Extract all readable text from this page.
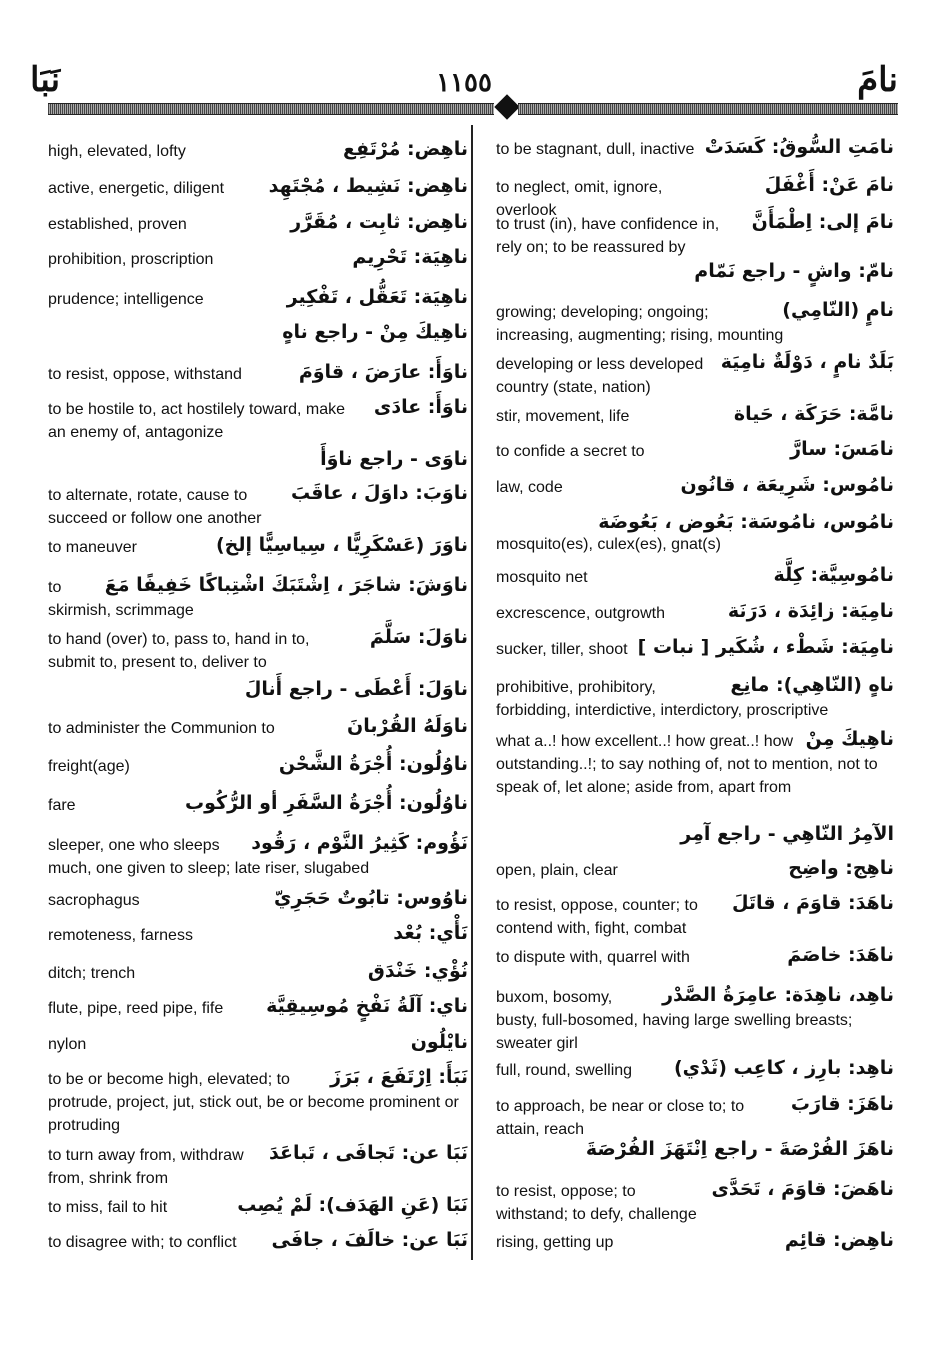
نَبَا	١١٥٥	نامَ
ناهِض: مُرْتَفِع
high, elevated, lofty
ناهِض: نَشِيط ، مُجْتَهِد
active, energetic, diligent
ناهِض: ثابِت ، مُقَرَّر
established, proven
ناهِيَة: تَحْرِيم
prohibition, proscription
ناهِيَة: تَعَقُّل ، تَفْكِير
prudence; intelligence
ناهِيكَ مِنْ - راجع ناهٍ
ناوَأَ: عارَضَ ، قاوَمَ
to resist, oppose, withstand
ناوَأَ: عادَى
to be hostile to, act hostilely toward, make an enemy of, antagonize
ناوَى - راجع ناوَأَ
ناوَبَ: داوَلَ ، عاقَبَ
to alternate, rotate, cause to succeed or follow one another
ناوَرَ (عَسْكَرِيًّا ، سِياسِيًّا إلخ)
to maneuver
ناوَشَ: شاجَرَ ، اِشْتَبَكَ اشْتِباكًا خَفِيفًا مَعَ
to skirmish, scrimmage
ناوَلَ: سَلَّمَ
to hand (over) to, pass to, hand in to, submit to, present to, deliver to
ناوَلَ: أَعْطَى - راجع أَنالَ
ناوَلَهُ القُرْبانَ
to administer the Communion to
ناوُلُون: أُجْرَةُ الشَّحْن
freight(age)
ناوُلُون: أُجْرَةُ السَّفَرِ أو الرُّكُوب
fare
نَؤُوم: كَثِيرُ النَّوْم ، رَقُود
sleeper, one who sleeps much, one given to sleep; late riser, slugabed
ناوُوس: تابُوتٌ حَجَرِيّ
sacrophagus
نَأْي: بُعْد
remoteness, farness
نُؤْي: خَنْدَق
ditch; trench
ناي: آلَةُ نَفْخٍ مُوسِيقِيَّة
flute, pipe, reed pipe, fife
نايْلُون
nylon
نَبَأَ: اِرْتَفَعَ ، بَرَزَ
to be or become high, elevated; to protrude, project, jut, stick out, be or become prominent or protruding
نَبَا عن: تَجافَى ، تَباعَدَ
to turn away from, withdraw from, shrink from
نَبَا (عَنِ الهَدَف): لَمْ يُصِب
to miss, fail to hit
نَبَا عن: خالَفَ ، جافَى
to disagree with; to conflict
نامَتِ السُّوقُ: كَسَدَتْ
to be stagnant, dull, inactive
نامَ عَنْ: أَغْفَلَ
to neglect, omit, ignore, overlook
نامَ إلى: اِطْمَأَنَّ
to trust (in), have confidence in, rely on; to be reassured by
نامّ: واشٍ - راجع نَمّام
نامٍ (النّامِي)
growing; developing; ongoing; increasing, augmenting; rising, mounting
بَلَدٌ نامٍ ، دَوْلَةٌ نامِيَة
developing or less developed country (state, nation)
نامَّة: حَرَكَة ، حَياة
stir, movement, life
نامَسَ: سارَّ
to confide a secret to
نامُوس: شَرِيعَة ، قانُون
law, code
نامُوس، نامُوسَة: بَعُوض ، بَعُوضَة
mosquito(es), culex(es), gnat(s)
نامُوسِيَّة: كِلَّة
mosquito net
نامِيَة: زائِدَة ، دَرَنَة
excrescence, outgrowth
نامِيَة: شَطْء ، شُكَير [ نبات ]
sucker, tiller, shoot
ناهٍ (النّاهِي): مانِع
prohibitive, prohibitory, forbidding, interdictive, interdictory, proscriptive
ناهِيكَ مِنْ
what a..! how excellent..! how great..! how outstanding..!; to say nothing of, not to mention, not to speak of, let alone; aside from, apart from
الآمِرُ النّاهِي - راجع آمِر
ناهِج: واضِح
open, plain, clear
ناهَدَ: قاوَمَ ، قاتَلَ
to resist, oppose, counter; to contend with, fight, combat
ناهَدَ: خاصَمَ
to dispute with, quarrel with
ناهِد، ناهِدَة: عامِرَةُ الصَّدْر
buxom, bosomy, busty, full-bosomed, having large swelling breasts; sweater girl
ناهِد: بارِز ، كاعِب (ثَدْي)
full, round, swelling
ناهَزَ: قارَبَ
to approach, be near or close to; to attain, reach
ناهَزَ الفُرْصَةَ - راجع اِنْتَهَزَ الفُرْصَةَ
ناهَضَ: قاوَمَ ، تَحَدَّى
to resist, oppose; to withstand; to defy, challenge
ناهِض: قائِم
rising, getting up
